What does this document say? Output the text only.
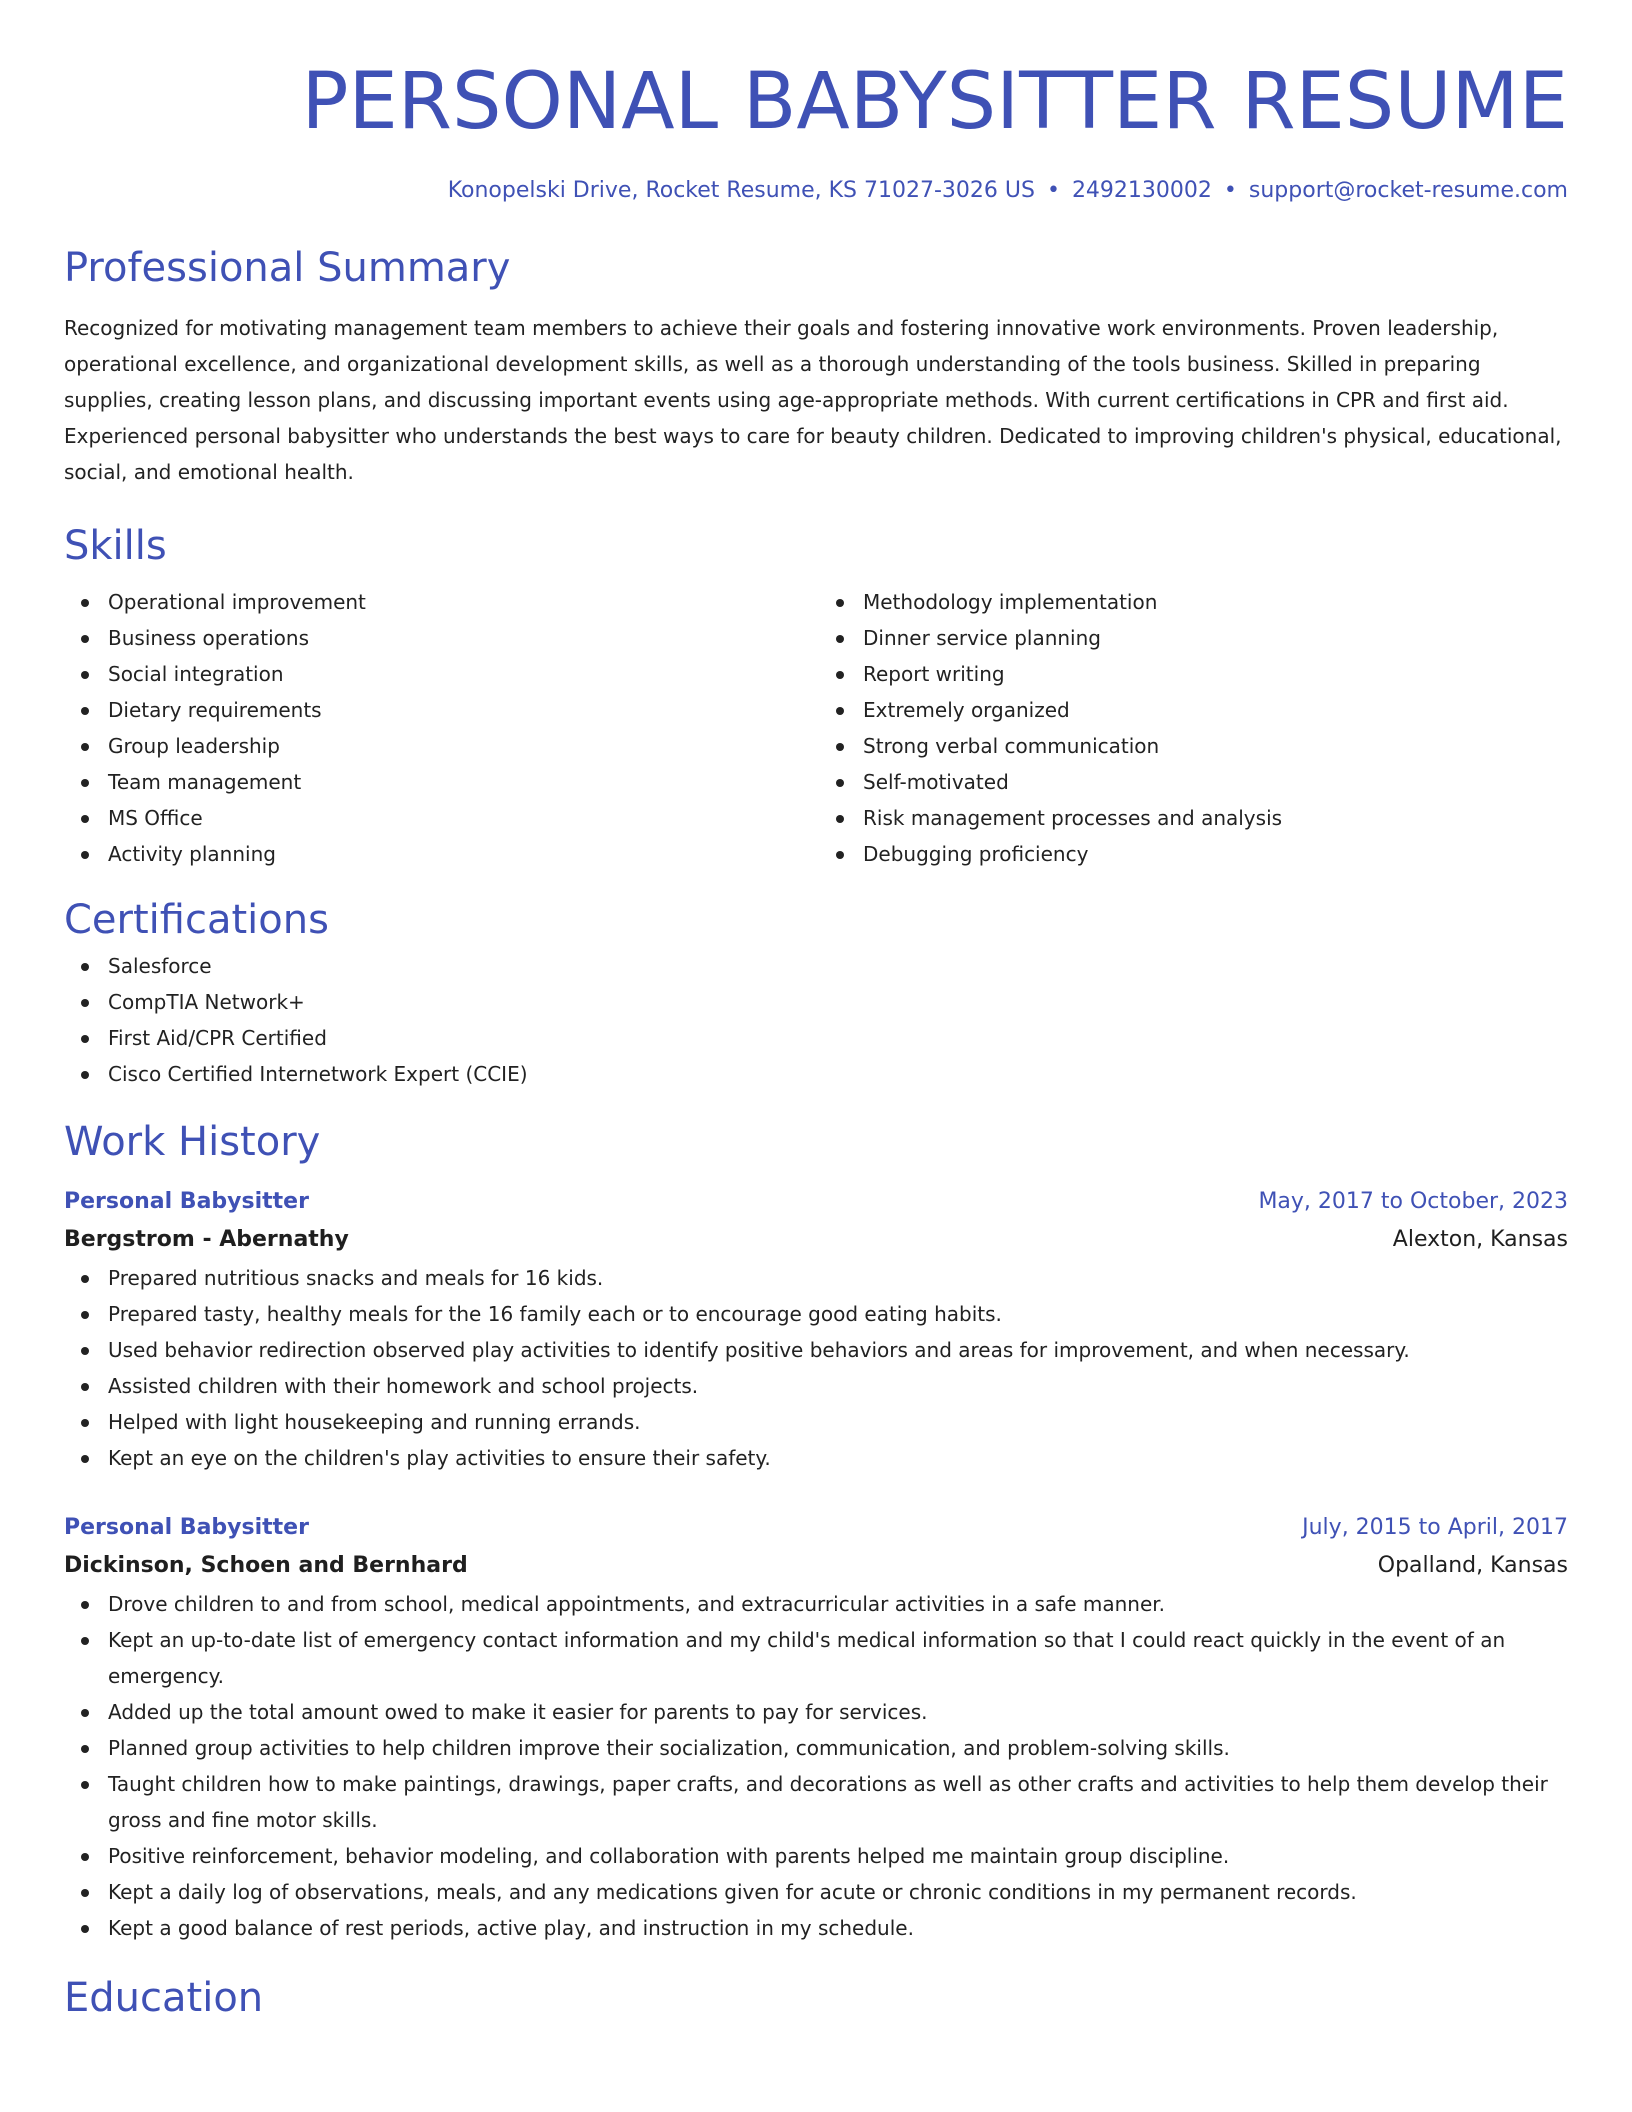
PERSONAL BABYSITTER RESUME
Konopelski Drive, Rocket Resume, KS 71027-3026 US • 2492130002 • support@rocket-resume.com
Professional Summary
Recognized for motivating management team members to achieve their goals and fostering innovative work environments. Proven leadership, operational excellence, and organizational development skills, as well as a thorough understanding of the tools business. Skilled in preparing supplies, creating lesson plans, and discussing important events using age-appropriate methods. With current certifications in CPR and first aid. Experienced personal babysitter who understands the best ways to care for beauty children. Dedicated to improving children's physical, educational, social, and emotional health.
Skills
Operational improvement
Business operations
Social integration
Dietary requirements
Group leadership
Team management
MS Office
Activity planning
Methodology implementation
Dinner service planning
Report writing
Extremely organized
Strong verbal communication
Self-motivated
Risk management processes and analysis
Debugging proficiency
Certifications
Salesforce
CompTIA Network+
First Aid/CPR Certified
Cisco Certified Internetwork Expert (CCIE)
Work History
Personal Babysitter	May, 2017 to October, 2023
Bergstrom - Abernathy	Alexton, Kansas
Prepared nutritious snacks and meals for 16 kids.
Prepared tasty, healthy meals for the 16 family each or to encourage good eating habits.
Used behavior redirection observed play activities to identify positive behaviors and areas for improvement, and when necessary.
Assisted children with their homework and school projects.
Helped with light housekeeping and running errands.
Kept an eye on the children's play activities to ensure their safety.
Personal Babysitter	July, 2015 to April, 2017
Dickinson, Schoen and Bernhard	Opalland, Kansas
Drove children to and from school, medical appointments, and extracurricular activities in a safe manner.
Kept an up-to-date list of emergency contact information and my child's medical information so that I could react quickly in the event of an emergency.
Added up the total amount owed to make it easier for parents to pay for services.
Planned group activities to help children improve their socialization, communication, and problem-solving skills.
Taught children how to make paintings, drawings, paper crafts, and decorations as well as other crafts and activities to help them develop their gross and fine motor skills.
Positive reinforcement, behavior modeling, and collaboration with parents helped me maintain group discipline.
Kept a daily log of observations, meals, and any medications given for acute or chronic conditions in my permanent records.
Kept a good balance of rest periods, active play, and instruction in my schedule.
Education
